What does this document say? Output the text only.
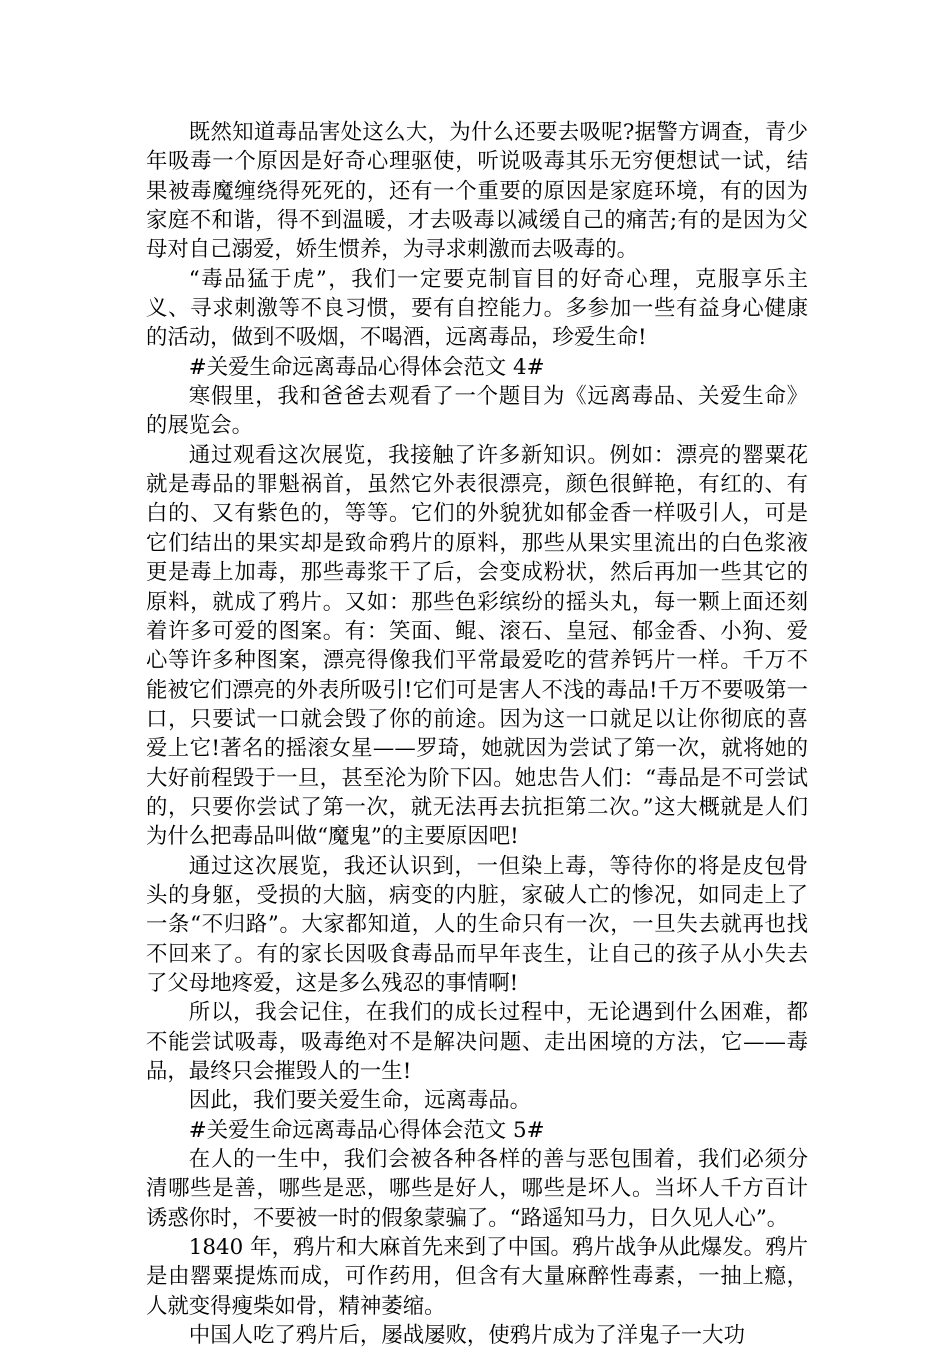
既然知道毒品害处这么大，为什么还要去吸呢?据警方调查，青少年吸毒一个原因是好奇心理驱使，听说吸毒其乐无穷便想试一试，结果被毒魔缠绕得死死的，还有一个重要的原因是家庭环境，有的因为家庭不和谐，得不到温暖，才去吸毒以减缓自己的痛苦;有的是因为父母对自己溺爱，娇生惯养，为寻求刺激而去吸毒的。

“毒品猛于虎”，我们一定要克制盲目的好奇心理，克服享乐主义、寻求刺激等不良习惯，要有自控能力。多参加一些有益身心健康的活动，做到不吸烟，不喝酒，远离毒品，珍爱生命!

#关爱生命远离毒品心得体会范文 4#

寒假里，我和爸爸去观看了一个题目为《远离毒品、关爱生命》的展览会。

通过观看这次展览，我接触了许多新知识。例如：漂亮的罂粟花就是毒品的罪魁祸首，虽然它外表很漂亮，颜色很鲜艳，有红的、有白的、又有紫色的，等等。它们的外貌犹如郁金香一样吸引人，可是它们结出的果实却是致命鸦片的原料，那些从果实里流出的白色浆液更是毒上加毒，那些毒浆干了后，会变成粉状，然后再加一些其它的原料，就成了鸦片。又如：那些色彩缤纷的摇头丸，每一颗上面还刻着许多可爱的图案。有：笑面、鲲、滚石、皇冠、郁金香、小狗、爱心等许多种图案，漂亮得像我们平常最爱吃的营养钙片一样。千万不能被它们漂亮的外表所吸引!它们可是害人不浅的毒品!千万不要吸第一口，只要试一口就会毁了你的前途。因为这一口就足以让你彻底的喜爱上它!著名的摇滚女星——罗琦，她就因为尝试了第一次，就将她的大好前程毁于一旦，甚至沦为阶下囚。她忠告人们：“毒品是不可尝试的，只要你尝试了第一次，就无法再去抗拒第二次。”这大概就是人们为什么把毒品叫做“魔鬼”的主要原因吧!

通过这次展览，我还认识到，一但染上毒，等待你的将是皮包骨头的身躯，受损的大脑，病变的内脏，家破人亡的惨况，如同走上了一条“不归路”。大家都知道，人的生命只有一次，一旦失去就再也找不回来了。有的家长因吸食毒品而早年丧生，让自己的孩子从小失去了父母地疼爱，这是多么残忍的事情啊!

所以，我会记住，在我们的成长过程中，无论遇到什么困难，都不能尝试吸毒，吸毒绝对不是解决问题、走出困境的方法，它——毒品，最终只会摧毁人的一生!

因此，我们要关爱生命，远离毒品。

#关爱生命远离毒品心得体会范文 5#

在人的一生中，我们会被各种各样的善与恶包围着，我们必须分清哪些是善，哪些是恶，哪些是好人，哪些是坏人。当坏人千方百计诱惑你时，不要被一时的假象蒙骗了。“路遥知马力，日久见人心”。

1840 年，鸦片和大麻首先来到了中国。鸦片战争从此爆发。鸦片是由罂粟提炼而成，可作药用，但含有大量麻醉性毒素，一抽上瘾，人就变得瘦柴如骨，精神萎缩。

中国人吃了鸦片后，屡战屡败，使鸦片成为了洋鬼子一大功
